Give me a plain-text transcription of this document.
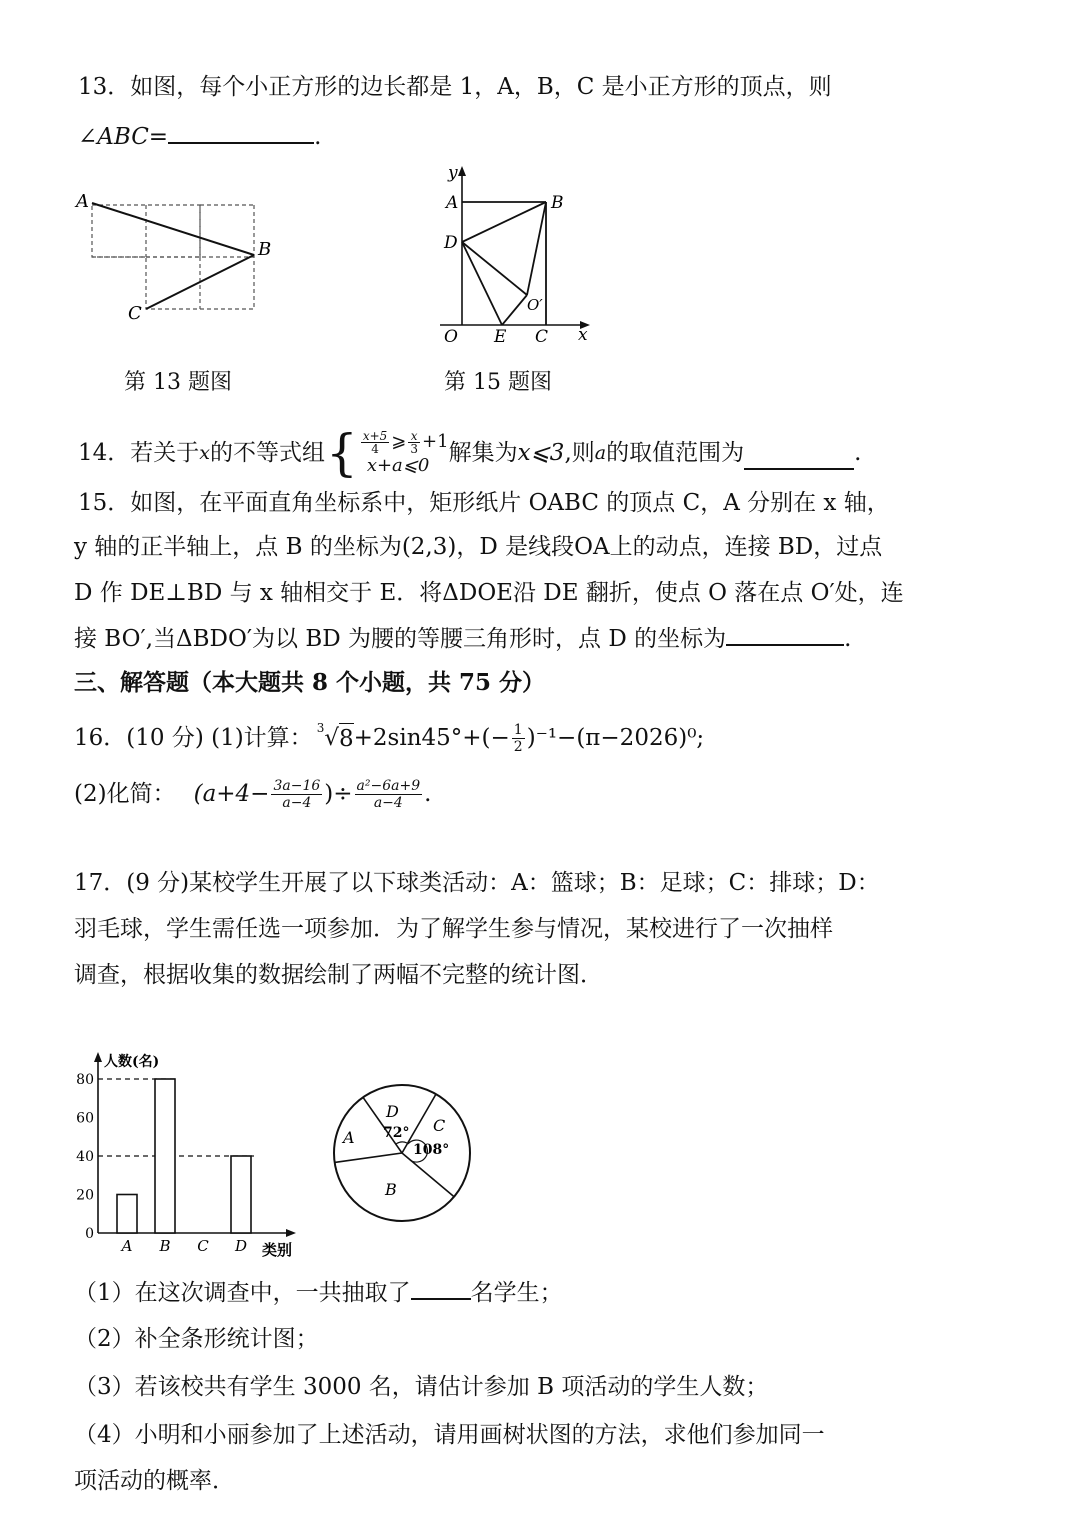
13．如图，每个小正方形的边长都是 1，A，B，C 是小正方形的顶点，则
∠ABC=	.
A
B
C
第 13 题图
y
x
A	B
D
O E C
O′
第 15 题图
14．若关于 x 的不等式组 { $\frac{x+5}{4}$ ⩾ $\frac{x}{3} +1$
x+a⩽0 解集为 x⩽3 ,则 a 的取值范围为	.
15．如图，在平面直角坐标系中，矩形纸片 OABC 的顶点 C，A 分别在 x 轴，
y 轴的正半轴上，点 B 的坐标为(2,3)，D 是线段OA上的动点，连接 BD，过点
D 作 DE⊥BD 与 x 轴相交于 E．将ΔDOE沿 DE 翻折，使点 O 落在点 O′处，连
接 BO′,当ΔBDO′为以 BD 为腰的等腰三角形时，点 D 的坐标为	.
三、解答题（本大题共 8 个小题，共 75 分）
16．(10 分) (1)计算： 3 √ $8 +2\sin 45^\circ+(- \frac{1}{2} )^{-1}-(\pi-2026)^0$;
(2)化简： ($a+4- \frac{3a-16}{a-4}$ )÷ $\frac{\text{a²−6a+9}}{a-4}$ .
17．(9 分)某校学生开展了以下球类活动：A：篮球；B：足球；C：排球；D：
羽毛球，学生需任选一项参加．为了解学生参与情况，某校进行了一次抽样
调查，根据收集的数据绘制了两幅不完整的统计图．
人数(名)
类别
0
20
40
60
80
A B C D
A
B
C
D
72°
108°
（1）在这次调查中，一共抽取了	名学生；
（2）补全条形统计图；
（3）若该校共有学生 3000 名，请估计参加 B 项活动的学生人数；
（4）小明和小丽参加了上述活动，请用画树状图的方法，求他们参加同一
项活动的概率．
